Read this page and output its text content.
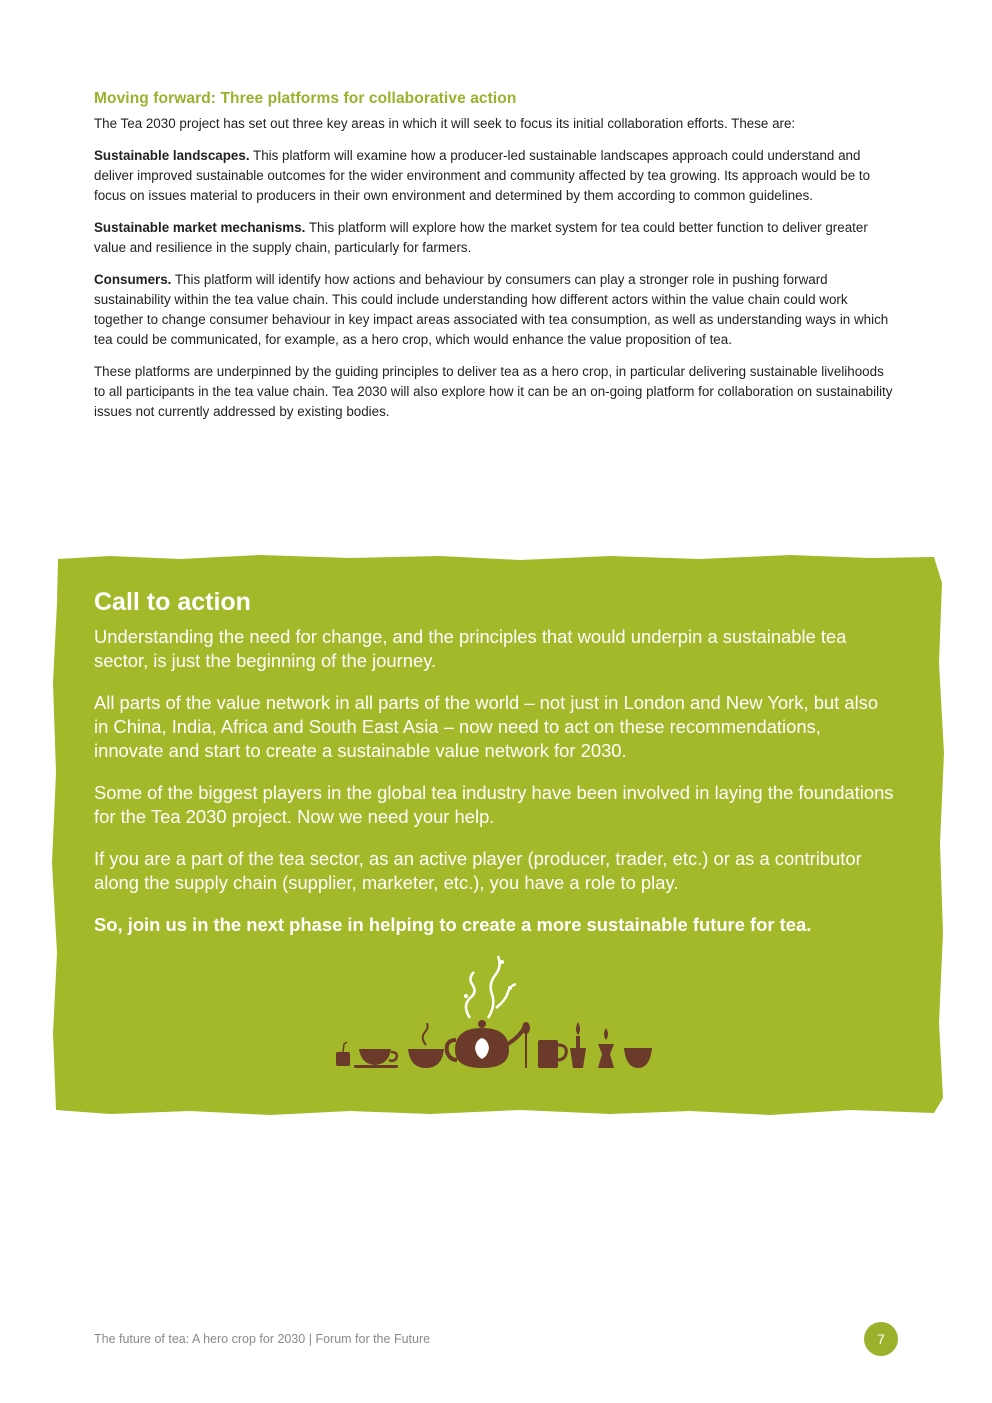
Moving forward: Three platforms for collaborative action

The Tea 2030 project has set out three key areas in which it will seek to focus its initial collaboration efforts. These are:

Sustainable landscapes. This platform will examine how a producer-led sustainable landscapes approach could understand and deliver improved sustainable outcomes for the wider environment and community affected by tea growing. Its approach would be to focus on issues material to producers in their own environment and determined by them according to common guidelines.

Sustainable market mechanisms. This platform will explore how the market system for tea could better function to deliver greater value and resilience in the supply chain, particularly for farmers.

Consumers. This platform will identify how actions and behaviour by consumers can play a stronger role in pushing forward sustainability within the tea value chain. This could include understanding how different actors within the value chain could work together to change consumer behaviour in key impact areas associated with tea consumption, as well as understanding ways in which tea could be communicated, for example, as a hero crop, which would enhance the value proposition of tea.

These platforms are underpinned by the guiding principles to deliver tea as a hero crop, in particular delivering sustainable livelihoods to all participants in the tea value chain. Tea 2030 will also explore how it can be an on-going platform for collaboration on sustainability issues not currently addressed by existing bodies.

Call to action

Understanding the need for change, and the principles that would underpin a sustainable tea sector, is just the beginning of the journey.

All parts of the value network in all parts of the world – not just in London and New York, but also in China, India, Africa and South East Asia – now need to act on these recommendations, innovate and start to create a sustainable value network for 2030.

Some of the biggest players in the global tea industry have been involved in laying the foundations for the Tea 2030 project. Now we need your help.

If you are a part of the tea sector, as an active player (producer, trader, etc.) or as a contributor along the supply chain (supplier, marketer, etc.), you have a role to play.

So, join us in the next phase in helping to create a more sustainable future for tea.

The future of tea: A hero crop for 2030 | Forum for the Future	7
